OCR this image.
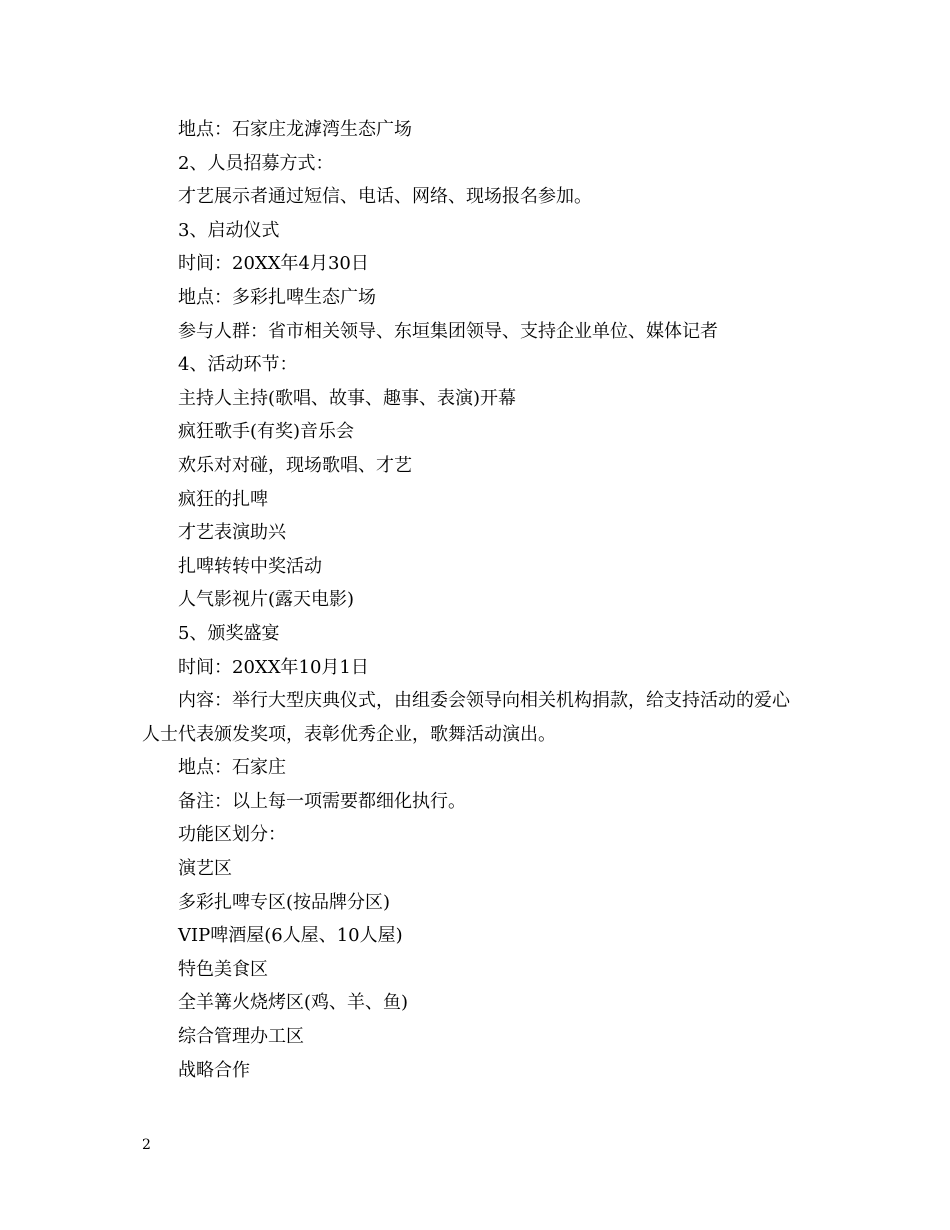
地点：石家庄龙滹湾生态广场
2、人员招募方式：
才艺展示者通过短信、电话、网络、现场报名参加。
3、启动仪式
时间：20XX年4月30日
地点：多彩扎啤生态广场
参与人群：省市相关领导、东垣集团领导、支持企业单位、媒体记者
4、活动环节：
主持人主持(歌唱、故事、趣事、表演)开幕
疯狂歌手(有奖)音乐会
欢乐对对碰，现场歌唱、才艺
疯狂的扎啤
才艺表演助兴
扎啤转转中奖活动
人气影视片(露天电影)
5、颁奖盛宴
时间：20XX年10月1日
内容：举行大型庆典仪式，由组委会领导向相关机构捐款，给支持活动的爱心
人士代表颁发奖项，表彰优秀企业，歌舞活动演出。
地点：石家庄
备注：以上每一项需要都细化执行。
功能区划分：
演艺区
多彩扎啤专区(按品牌分区)
VIP啤酒屋(6人屋、10人屋)
特色美食区
全羊篝火烧烤区(鸡、羊、鱼)
综合管理办工区
战略合作
2
